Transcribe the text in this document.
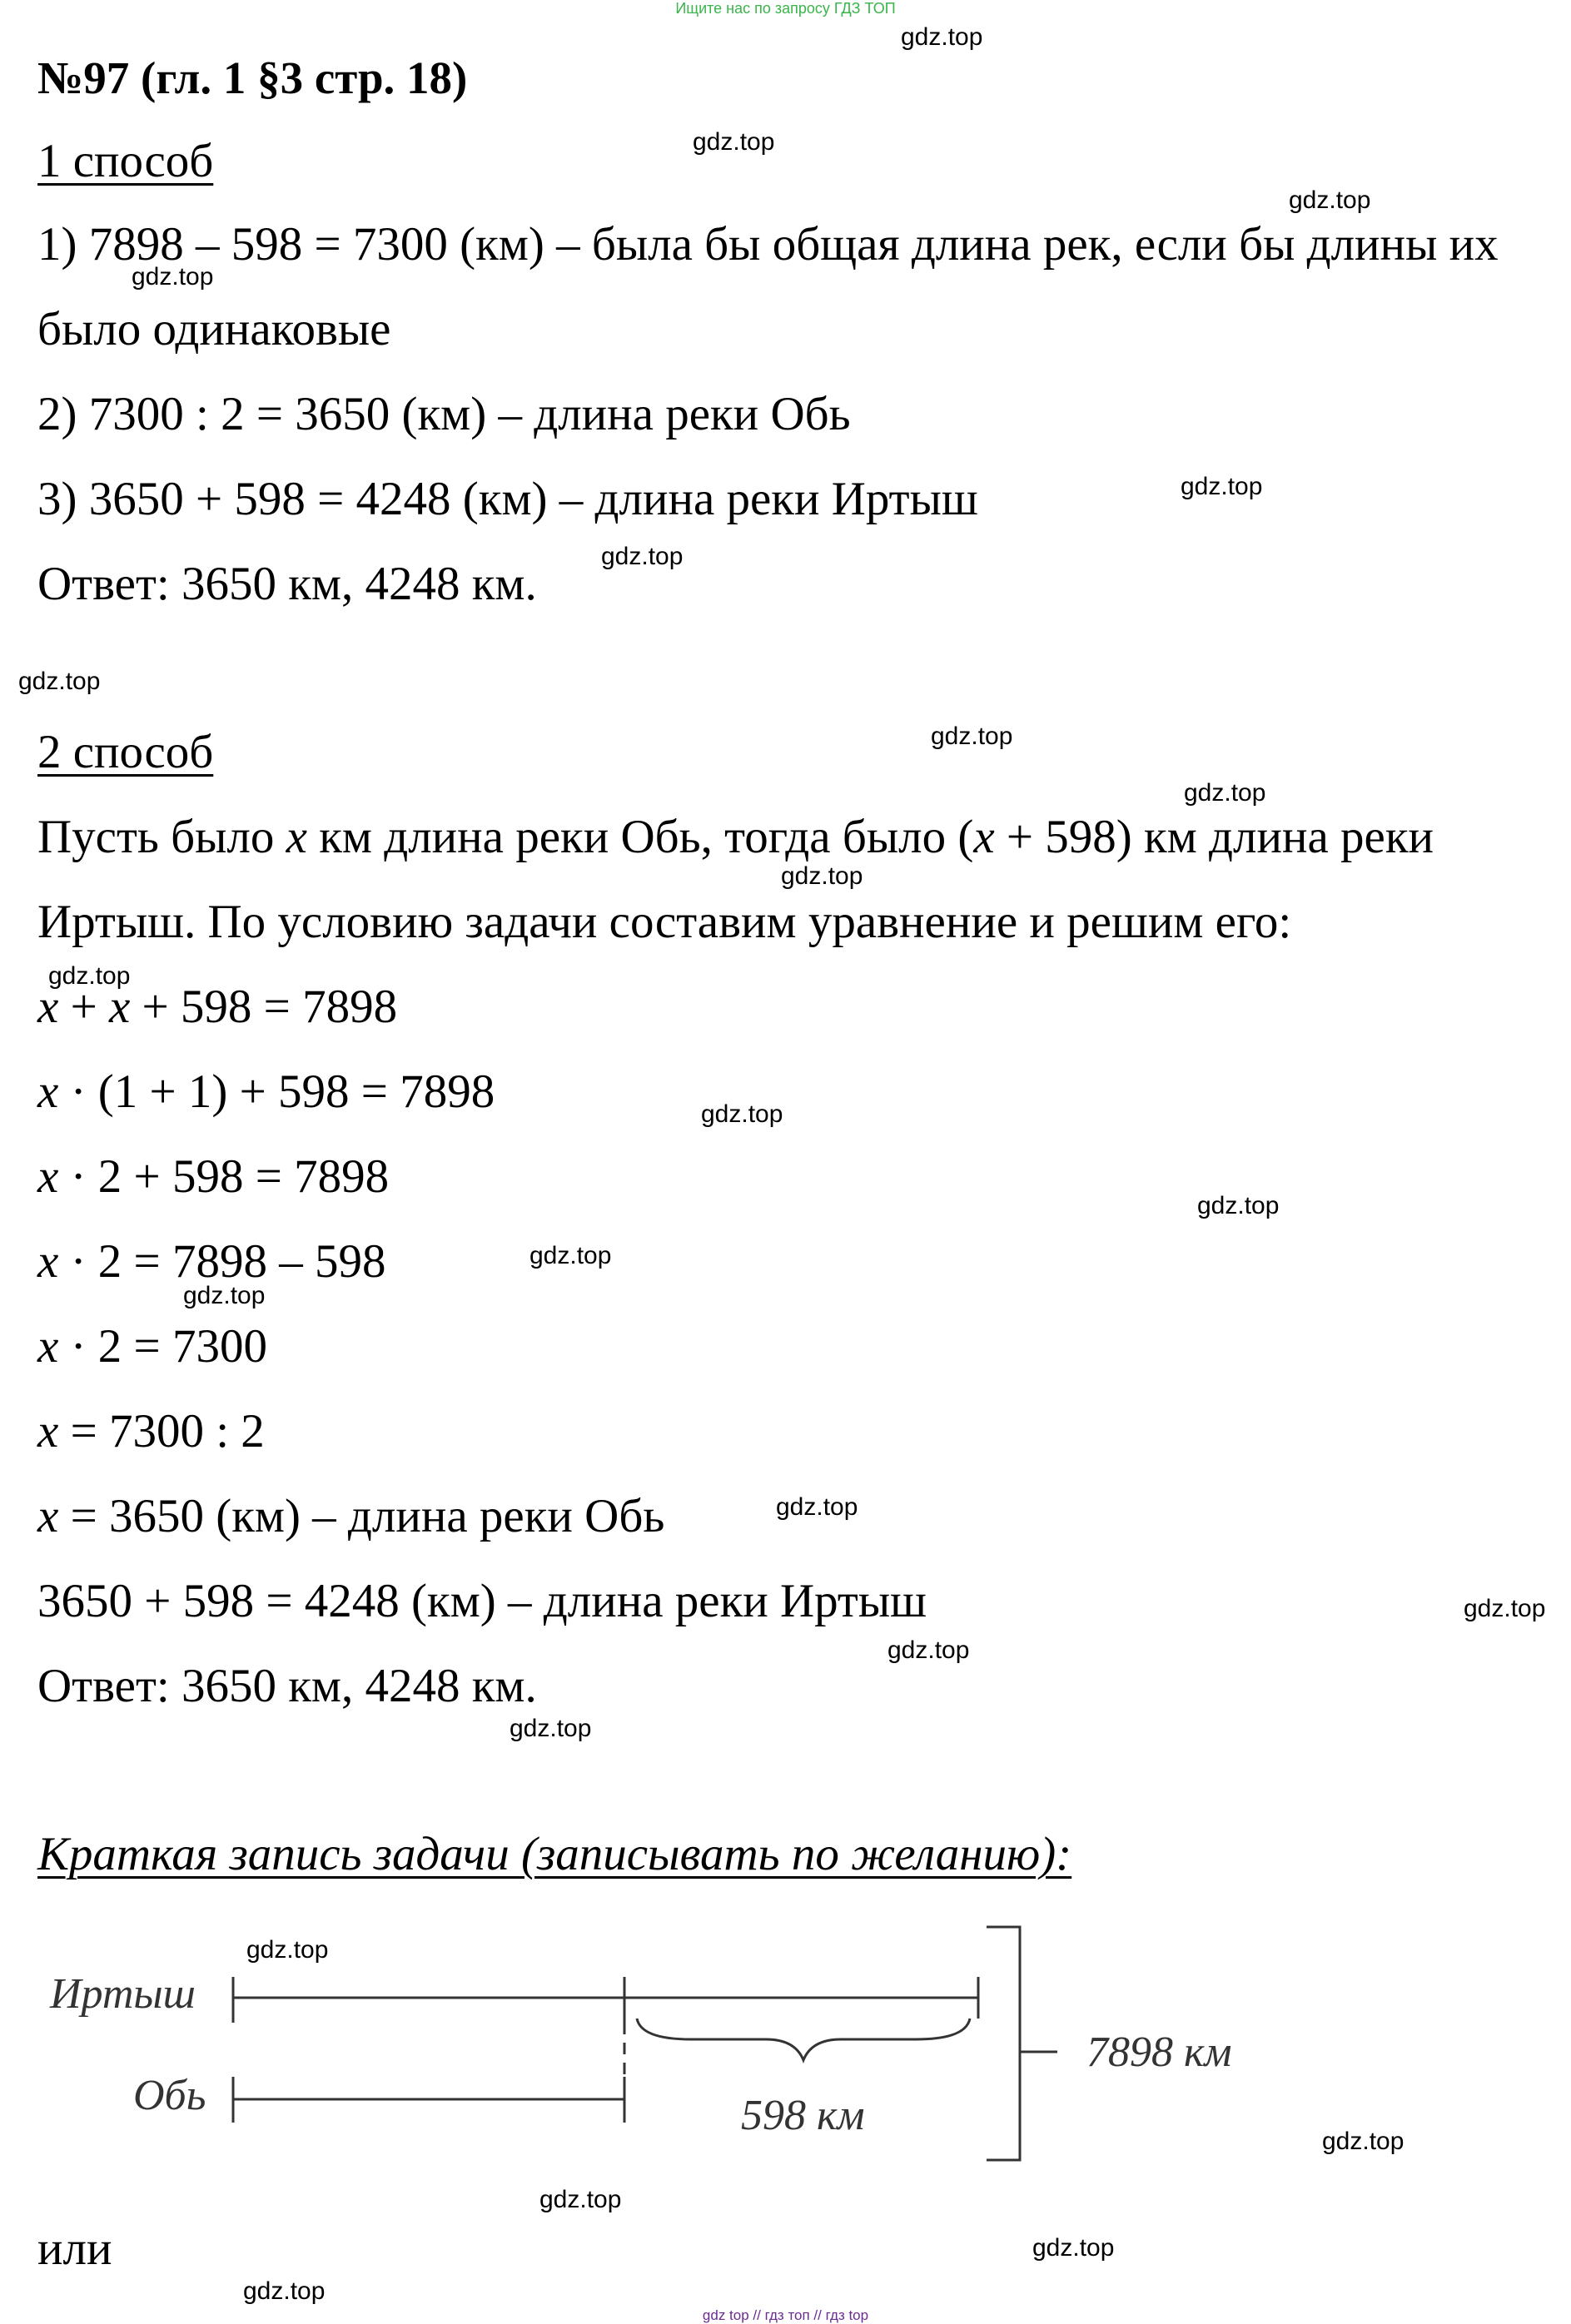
Ищите нас по запросу ГДЗ ТОП
№97 (гл. 1 §3 стр. 18)
1 способ
1) 7898 – 598 = 7300 (км) – была бы общая длина рек, если бы длины их
было одинаковые
2) 7300 : 2 = 3650 (км) – длина реки Обь
3) 3650 + 598 = 4248 (км) – длина реки Иртыш
Ответ: 3650 км, 4248 км.
2 способ
Пусть было x км длина реки Обь, тогда было (x + 598) км длина реки
Иртыш. По условию задачи составим уравнение и решим его:
x + x + 598 = 7898
x · (1 + 1) + 598 = 7898
x · 2 + 598 = 7898
x · 2 = 7898 – 598
x · 2 = 7300
x = 7300 : 2
x = 3650 (км) – длина реки Обь
3650 + 598 = 4248 (км) – длина реки Иртыш
Ответ: 3650 км, 4248 км.
Краткая запись задачи (записывать по желанию):
Иртыш
Обь	598 км
7898 км
или
gdz.top
gdz.top
gdz.top
gdz.top
gdz.top
gdz.top
gdz.top
gdz.top
gdz.top
gdz.top
gdz.top
gdz.top
gdz.top
gdz.top
gdz.top
gdz.top
gdz.top
gdz.top
gdz.top
gdz.top
gdz.top
gdz.top
gdz.top
gdz.top
gdz top // гдз топ // гдз top
